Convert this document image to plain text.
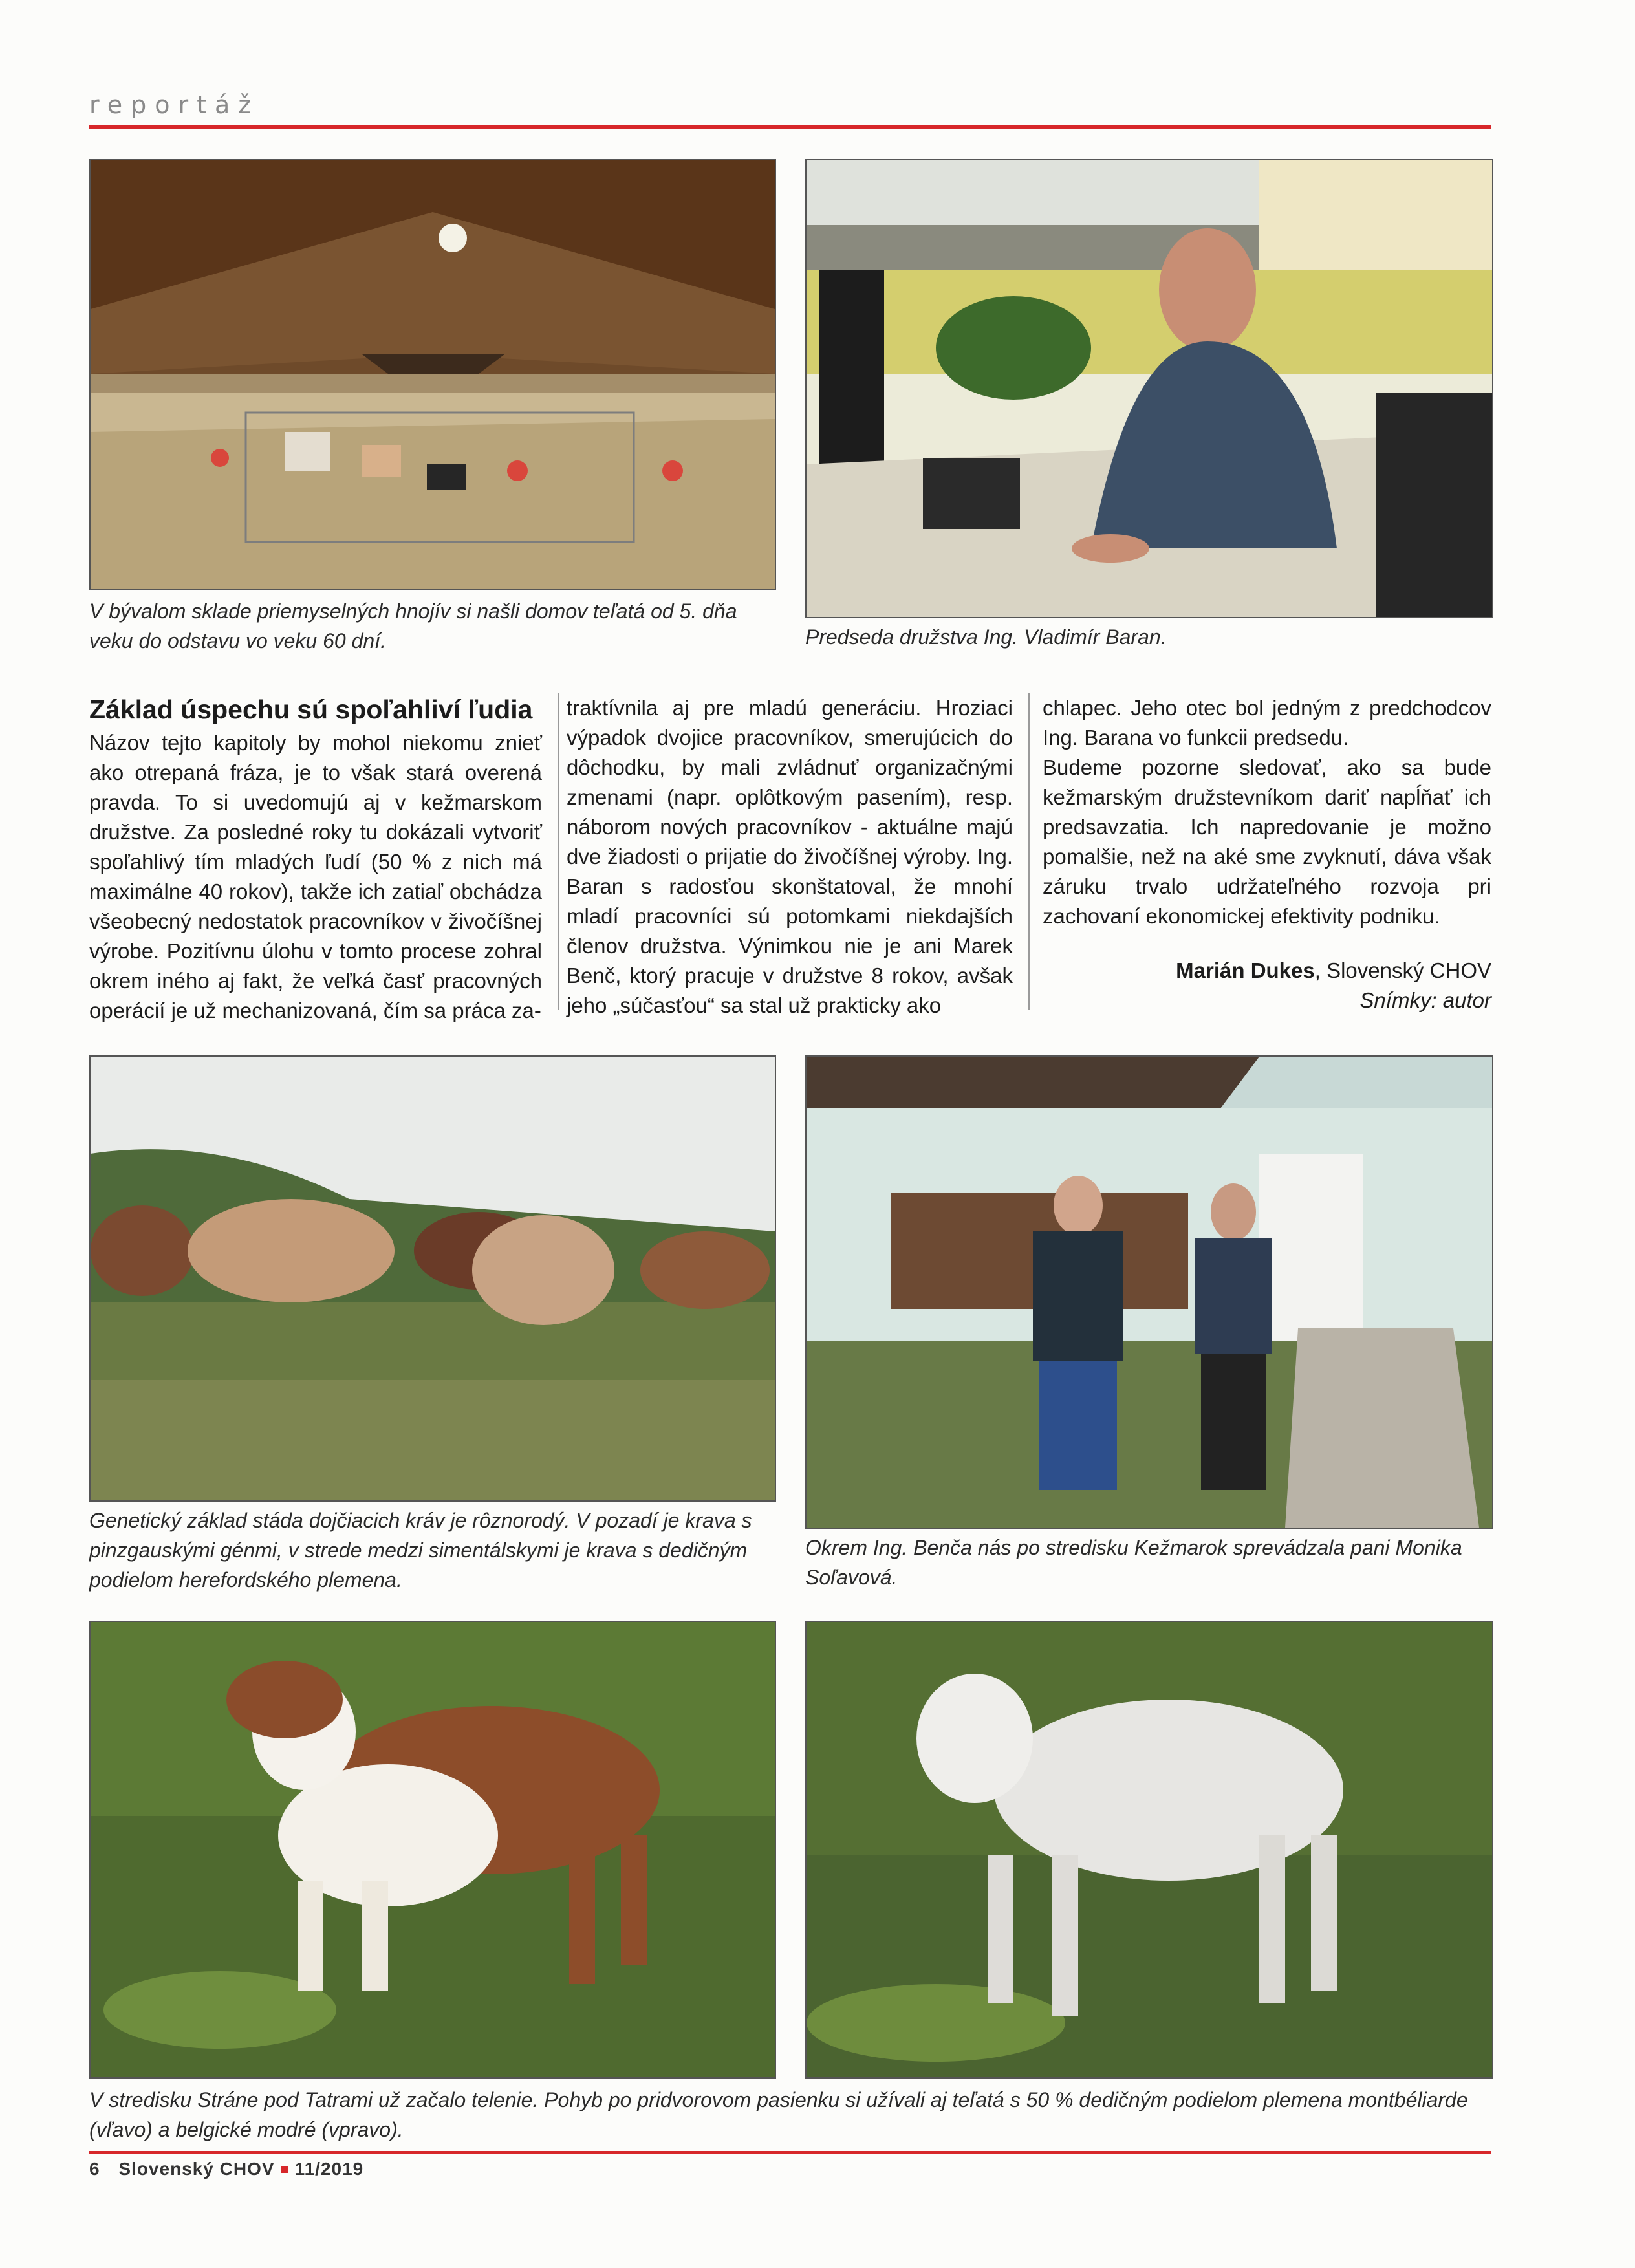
reportáž
V bývalom sklade priemyselných hnojív si našli domov teľatá od 5. dňa veku do odstavu vo veku 60 dní.	Predseda družstva Ing. Vladimír Baran.
Základ úspechu sú spoľahliví ľudia

Názov tejto kapitoly by mohol niekomu znieť ako otrepaná fráza, je to však stará overená pravda. To si uvedomujú aj v kežmarskom družstve. Za posledné roky tu dokázali vytvoriť spoľahlivý tím mladých ľudí (50 % z nich má maximálne 40 rokov), takže ich zatiaľ obchádza všeobecný nedostatok pracovníkov v živočíšnej výrobe. Pozitívnu úlohu v tomto procese zohral okrem iného aj fakt, že veľká časť pracovných operácií je už mechanizovaná, čím sa práca za-

traktívnila aj pre mladú generáciu. Hroziaci výpadok dvojice pracovníkov, smerujúcich do dôchodku, by mali zvládnuť organizačnými zmenami (napr. oplôtkovým pasením), resp. náborom nových pracovníkov - aktuálne majú dve žiadosti o prijatie do živočíšnej výroby. Ing. Baran s radosťou skonštatoval, že mnohí mladí pracovníci sú potomkami niekdajších členov družstva. Výnimkou nie je ani Marek Benč, ktorý pracuje v družstve 8 rokov, avšak jeho „súčasťou“ sa stal už prakticky ako

chlapec. Jeho otec bol jedným z predchodcov Ing. Barana vo funkcii predsedu.

Budeme pozorne sledovať, ako sa bude kežmarským družstevníkom dariť napĺňať ich predsavzatia. Ich napredovanie je možno pomalšie, než na aké sme zvyknutí, dáva však záruku trvalo udržateľného rozvoja pri zachovaní ekonomickej efektivity podniku.

Marián Dukes, Slovenský CHOV
Snímky: autor
Genetický základ stáda dojčiacich kráv je rôznorodý. V pozadí je krava s pinzgauskými génmi, v strede medzi simentálskymi je krava s dedičným podielom herefordského plemena.
Okrem Ing. Benča nás po stredisku Kežmarok sprevádzala pani Monika Soľavová.
V stredisku Stráne pod Tatrami už začalo telenie. Pohyb po pridvorovom pasienku si užívali aj teľatá s 50 % dedičným podielom plemena montbéliarde (vľavo) a belgické modré (vpravo).
6 Slovenský CHOV 11/2019
